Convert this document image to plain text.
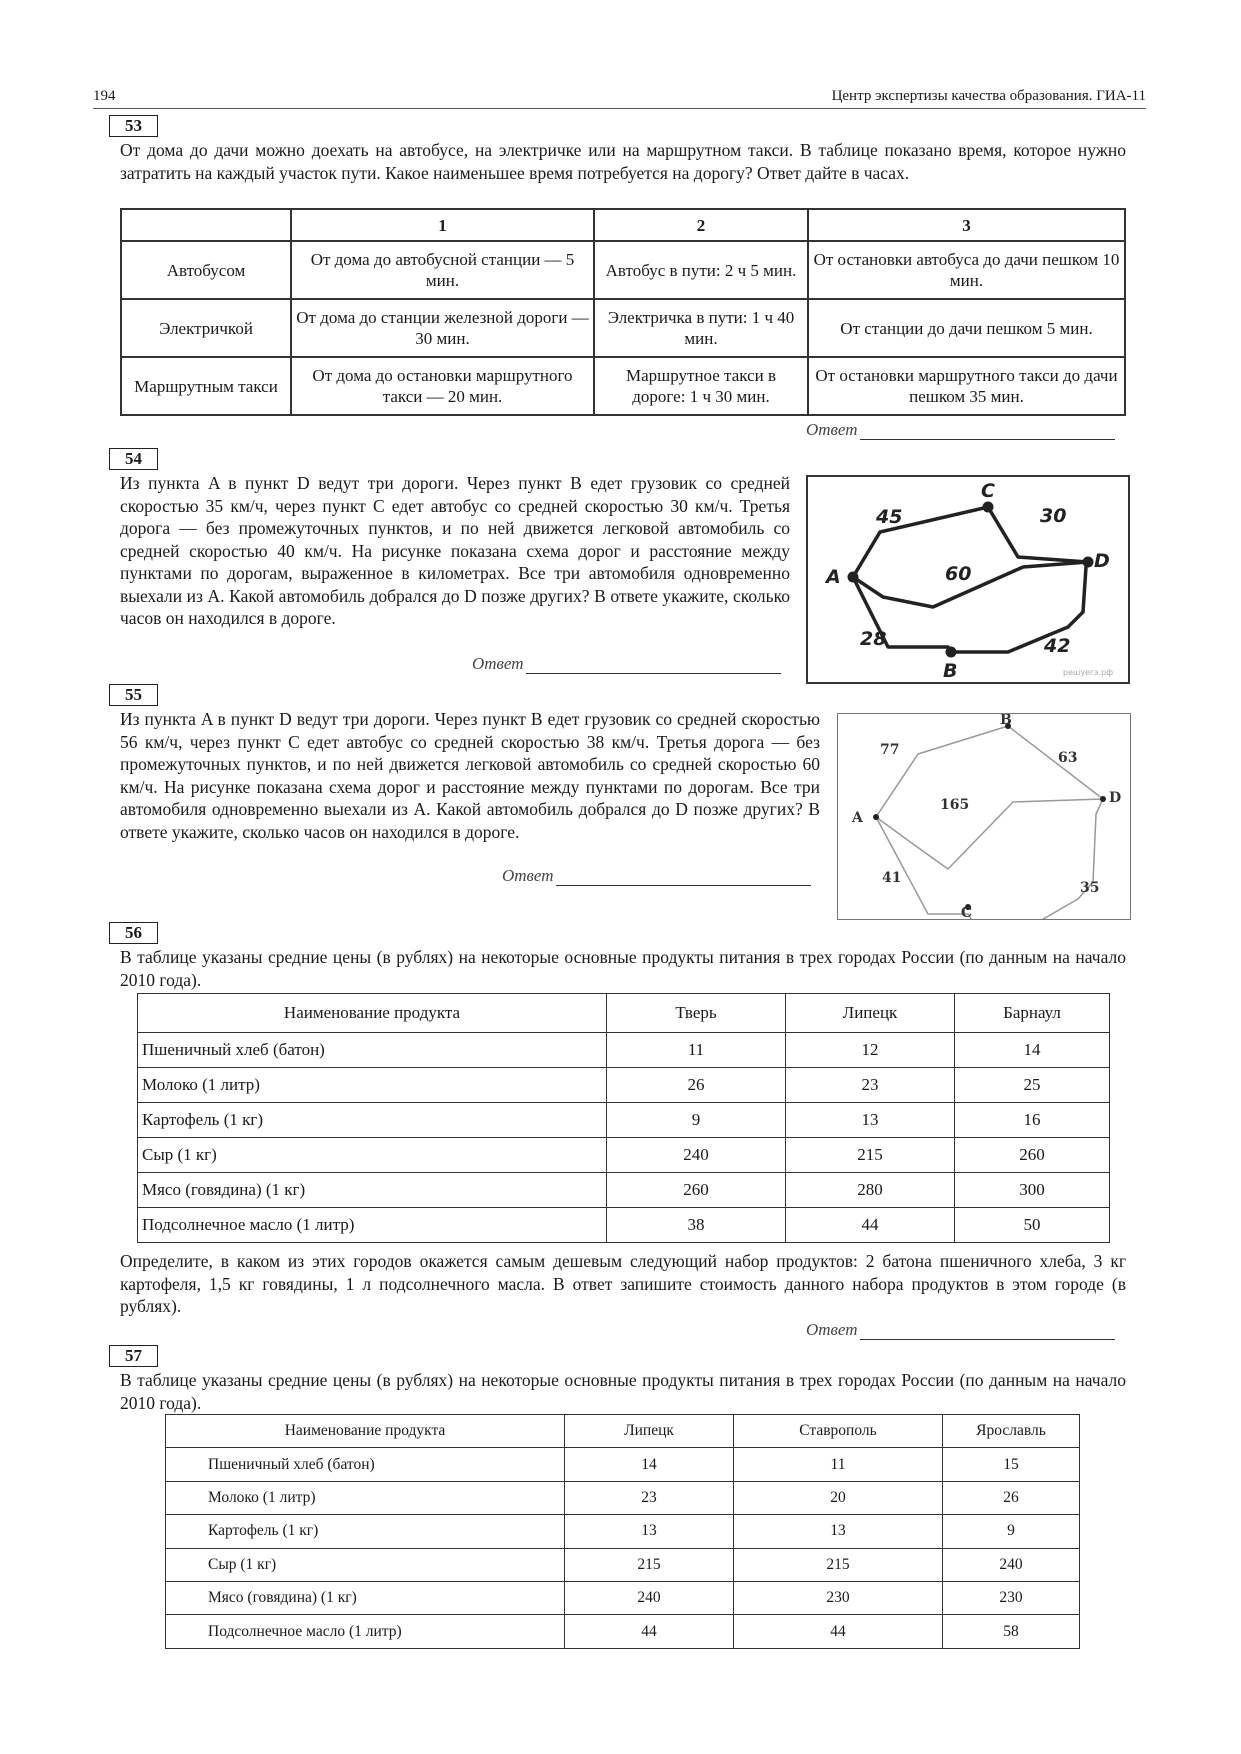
194	Центр экспертизы качества образования. ГИА-11
53
От дома до дачи можно доехать на автобусе, на электричке или на маршрутном такси. В таблице показано время, которое нужно затратить на каждый участок пути. Какое наименьшее время потребуется на дорогу? Ответ дайте в часах.
	1	2	3
Автобусом	От дома до автобусной станции — 5 мин.	Автобус в пути: 2 ч 5 мин.	От остановки автобуса до дачи пешком 10 мин.
Электричкой	От дома до станции железной дороги —30 мин.	Электричка в пути: 1 ч 40 мин.	От станции до дачи пешком 5 мин.
Маршрутным такси	От дома до остановки маршрутного такси — 20 мин.	Маршрутное такси в дороге: 1 ч 30 мин.	От остановки маршрутного такси до дачи пешком 35 мин.
Ответ
54
Из пункта A в пункт D ведут три дороги. Через пункт B едет грузовик со средней скоростью 35 км/ч, через пункт C едет автобус со средней скоростью 30 км/ч. Третья дорога — без промежуточных пунктов, и по ней движется легковой автомобиль со средней скоростью 40 км/ч. На рисунке показана схема дорог и расстояние между пунктами по дорогам, выраженное в километрах. Все три автомобиля одновременно выехали из A. Какой автомобиль добрался до D позже других? В ответе укажите, сколько часов он находился в дороге.
Ответ
A
C
D
B
45	30
60
28	42
решуегэ.рф
55
Из пункта A в пункт D ведут три дороги. Через пункт B едет грузовик со средней скоростью 56 км/ч, через пункт C едет автобус со средней скоростью 38 км/ч. Третья дорога — без промежуточных пунктов, и по ней движется легковой автомобиль со средней скоростью 60 км/ч. На рисунке показана схема дорог и расстояние между пунктами по дорогам. Все три автомобиля одновременно выехали из A. Какой автомобиль добрался до D позже других? В ответе укажите, сколько часов он находился в дороге.
Ответ
A
B
D
C
77	63
165
41
35
56
В таблице указаны средние цены (в рублях) на некоторые основные продукты питания в трех городах России (по данным на начало 2010 года).
Наименование продукта	Тверь	Липецк	Барнаул
Пшеничный хлеб (батон)	11	12	14
Молоко (1 литр)	26	23	25
Картофель (1 кг)	9	13	16
Сыр (1 кг)	240	215	260
Мясо (говядина) (1 кг)	260	280	300
Подсолнечное масло (1 литр)	38	44	50
Определите, в каком из этих городов окажется самым дешевым следующий набор продуктов: 2 батона пшеничного хлеба, 3 кг картофеля, 1,5 кг говядины, 1 л подсолнечного масла. В ответ запишите стоимость данного набора продуктов в этом городе (в рублях).
Ответ
57
В таблице указаны средние цены (в рублях) на некоторые основные продукты питания в трех городах России (по данным на начало 2010 года).
Наименование продукта	Липецк	Ставрополь	Ярославль
Пшеничный хлеб (батон)	14	11	15
Молоко (1 литр)	23	20	26
Картофель (1 кг)	13	13	9
Сыр (1 кг)	215	215	240
Мясо (говядина) (1 кг)	240	230	230
Подсолнечное масло (1 литр)	44	44	58
